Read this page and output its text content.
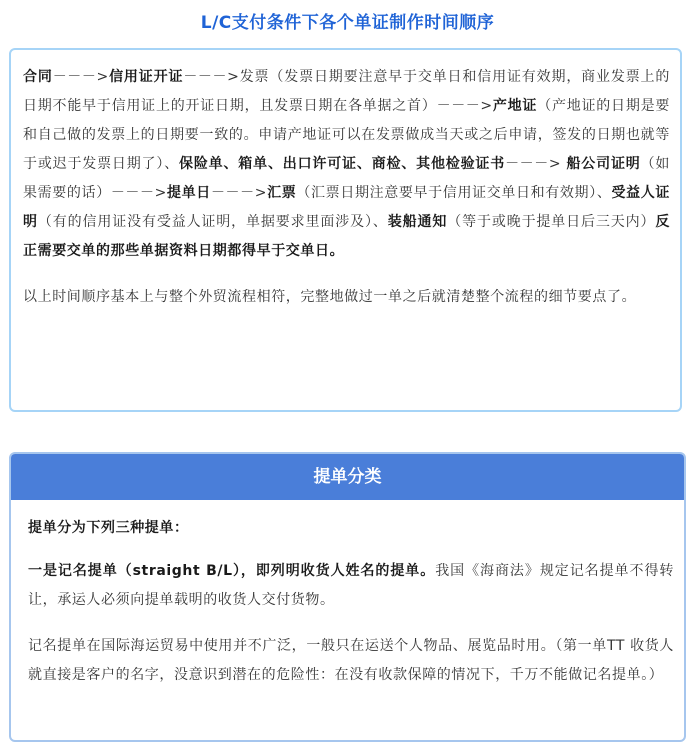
L/C支付条件下各个单证制作时间顺序

合同－－－>信用证开证－－－>发票（发票日期要注意早于交单日和信用证有效期，商业发票上的日期不能早于信用证上的开证日期，且发票日期在各单据之首）－－－>产地证（产地证的日期是要和自己做的发票上的日期要一致的。申请产地证可以在发票做成当天或之后申请，签发的日期也就等于或迟于发票日期了）、保险单、箱单、出口许可证、商检、其他检验证书－－－> 船公司证明（如果需要的话）－－－>提单日－－－>汇票（汇票日期注意要早于信用证交单日和有效期）、受益人证明（有的信用证没有受益人证明，单据要求里面涉及）、装船通知（等于或晚于提单日后三天内）反正需要交单的那些单据资料日期都得早于交单日。

以上时间顺序基本上与整个外贸流程相符，完整地做过一单之后就清楚整个流程的细节要点了。

提单分类

提单分为下列三种提单：

一是记名提单（straight B/L），即列明收货人姓名的提单。我国《海商法》规定记名提单不得转让，承运人必须向提单载明的收货人交付货物。

记名提单在国际海运贸易中使用并不广泛，一般只在运送个人物品、展览品时用。（第一单TT 收货人就直接是客户的名字，没意识到潜在的危险性：在没有收款保障的情况下，千万不能做记名提单。）
